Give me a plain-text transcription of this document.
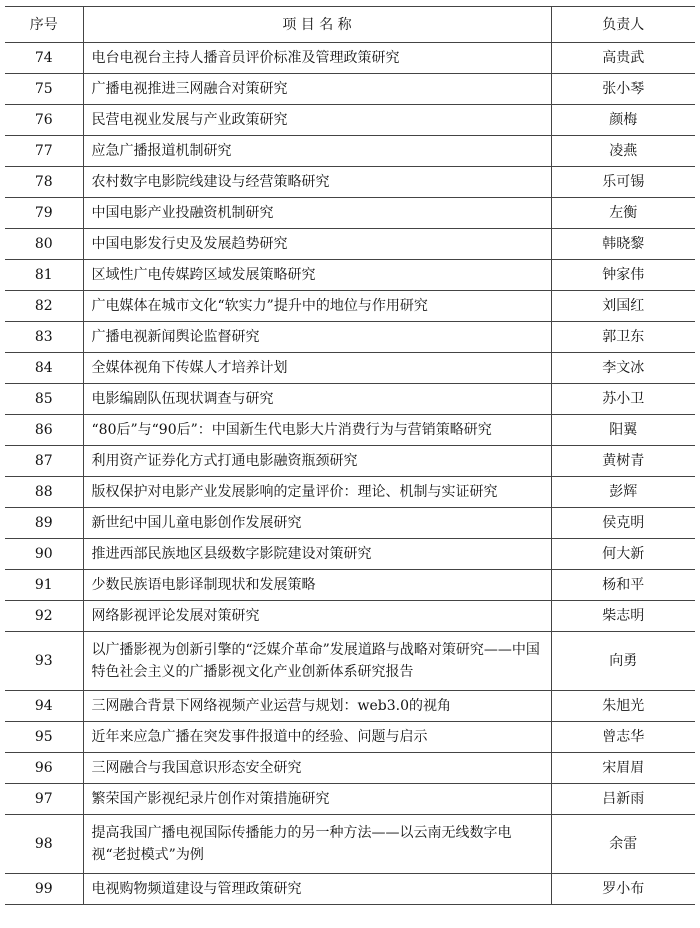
序号	项 目 名 称	负责人
74	电台电视台主持人播音员评价标准及管理政策研究	高贵武
75	广播电视推进三网融合对策研究	张小琴
76	民营电视业发展与产业政策研究	颜梅
77	应急广播报道机制研究	凌燕
78	农村数字电影院线建设与经营策略研究	乐可锡
79	中国电影产业投融资机制研究	左衡
80	中国电影发行史及发展趋势研究	韩晓黎
81	区域性广电传媒跨区域发展策略研究	钟家伟
82	广电媒体在城市文化“软实力”提升中的地位与作用研究	刘国红
83	广播电视新闻舆论监督研究	郭卫东
84	全媒体视角下传媒人才培养计划	李文冰
85	电影编剧队伍现状调查与研究	苏小卫
86	“80后”与“90后”：中国新生代电影大片消费行为与营销策略研究	阳翼
87	利用资产证券化方式打通电影融资瓶颈研究	黄树青
88	版权保护对电影产业发展影响的定量评价：理论、机制与实证研究	彭辉
89	新世纪中国儿童电影创作发展研究	侯克明
90	推进西部民族地区县级数字影院建设对策研究	何大新
91	少数民族语电影译制现状和发展策略	杨和平
92	网络影视评论发展对策研究	柴志明
93	以广播影视为创新引擎的“泛媒介革命”发展道路与战略对策研究——中国特色社会主义的广播影视文化产业创新体系研究报告	向勇
94	三网融合背景下网络视频产业运营与规划：web3.0的视角	朱旭光
95	近年来应急广播在突发事件报道中的经验、问题与启示	曾志华
96	三网融合与我国意识形态安全研究	宋眉眉
97	繁荣国产影视纪录片创作对策措施研究	吕新雨
98	提高我国广播电视国际传播能力的另一种方法——以云南无线数字电视“老挝模式”为例	余雷
99	电视购物频道建设与管理政策研究	罗小布
